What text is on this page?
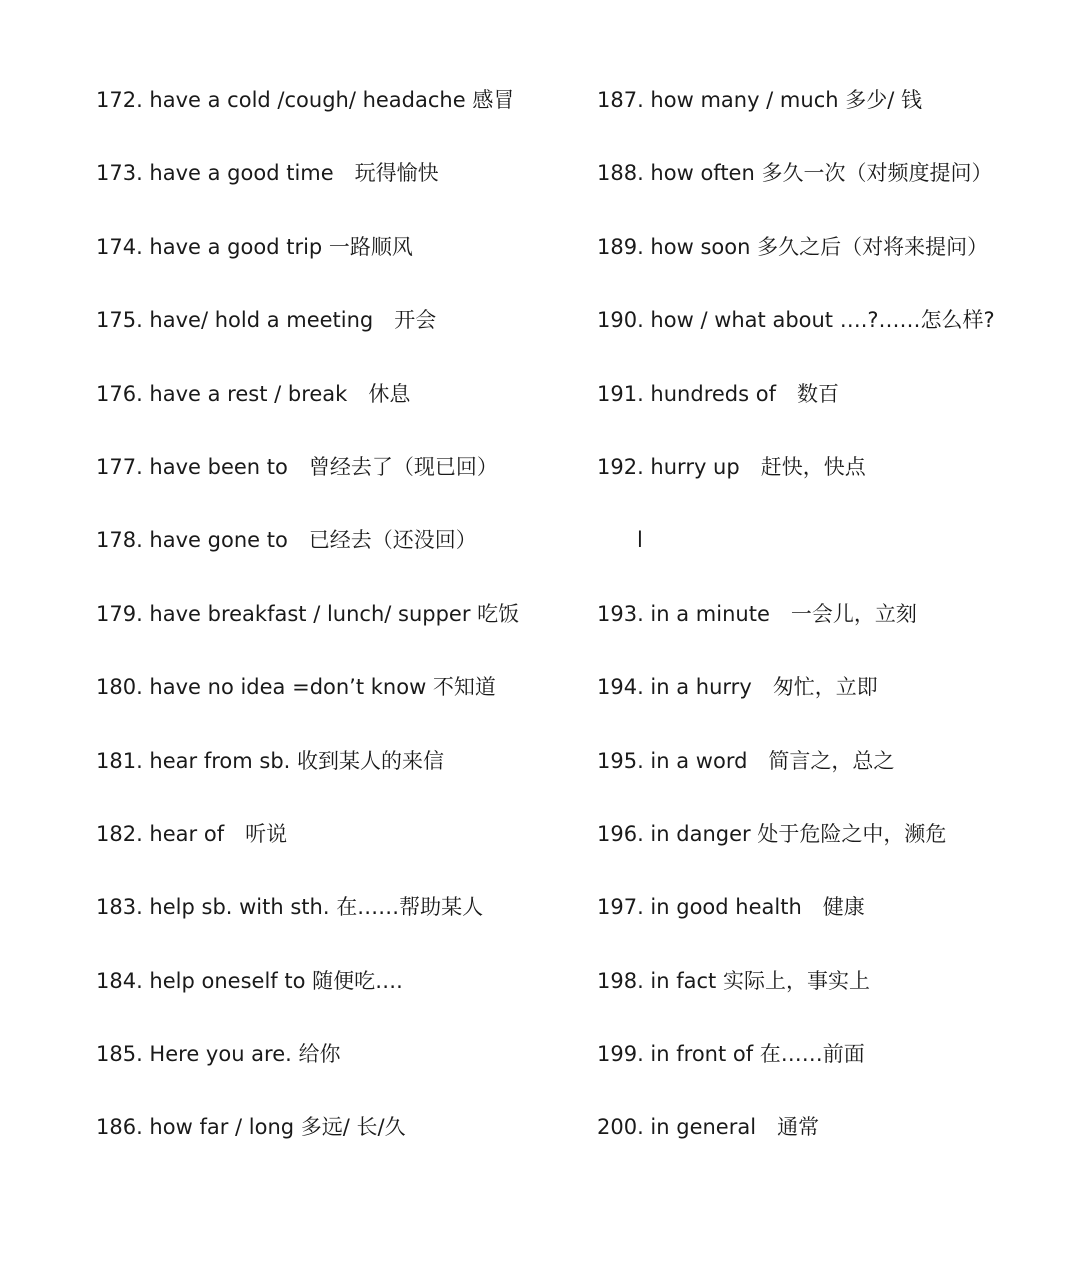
172. have a cold /cough/ headache 感冒
173. have a good time　玩得愉快
174. have a good trip 一路顺风
175. have/ hold a meeting　开会
176. have a rest / break　休息
177. have been to　曾经去了（现已回）
178. have gone to　已经去（还没回）
179. have breakfast / lunch/ supper 吃饭
180. have no idea =don’t know 不知道
181. hear from sb. 收到某人的来信
182. hear of　听说
183. help sb. with sth. 在……帮助某人
184. help oneself to 随便吃….
185. Here you are. 给你
186. how far / long 多远/ 长/久
187. how many / much 多少/ 钱
188. how often 多久一次（对频度提问）
189. how soon 多久之后（对将来提问）
190. how / what about ….?……怎么样?
191. hundreds of　数百
192. hurry up　赶快，快点
l
193. in a minute　一会儿，立刻
194. in a hurry　匆忙，立即
195. in a word　简言之，总之
196. in danger 处于危险之中，濒危
197. in good health　健康
198. in fact 实际上，事实上
199. in front of 在……前面
200. in general　通常
